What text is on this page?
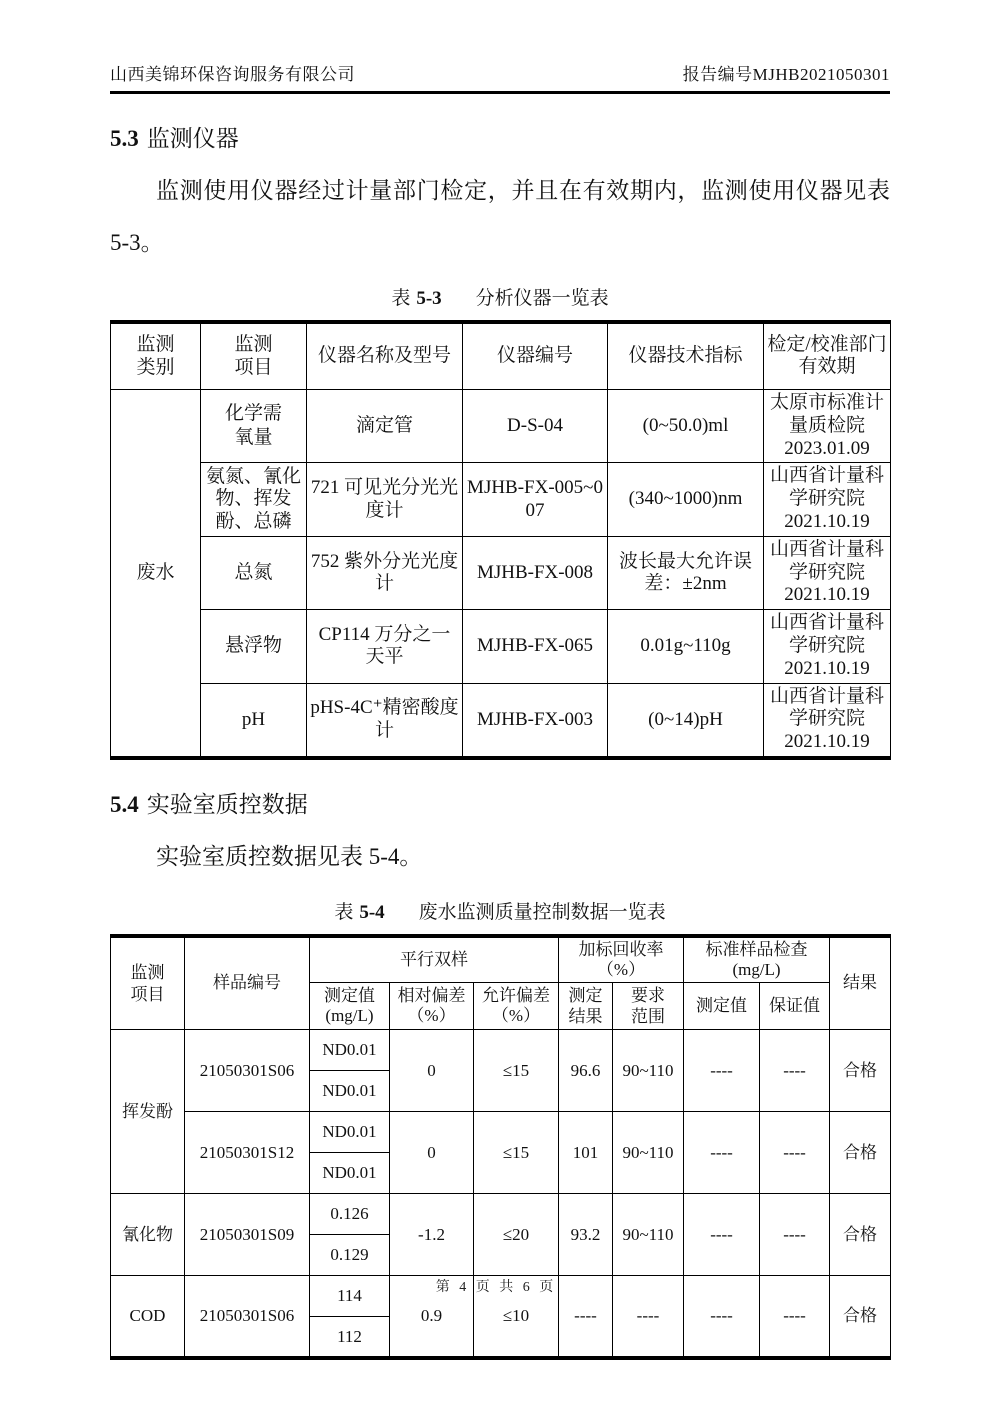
山西美锦环保咨询服务有限公司	报告编号MJHB2021050301
5.3 监测仪器

监测使用仪器经过计量部门检定，并且在有效期内，监测使用仪器见表 5-3。

表 5-3 分析仪器一览表
监测类别	监测项目	仪器名称及型号	仪器编号	仪器技术指标	检定/校准部门有效期
废水	化学需氧量	滴定管	D-S-04	(0~50.0)ml	太原市标准计量质检院
2023.01.09

	氨氮、氰化物、挥发酚、总磷	721 可见光分光光度计	MJHB-FX-005~007	(340~1000)nm	山西省计量科学研究院
2021.10.19

	总氮	752 紫外分光光度计	MJHB-FX-008	波长最大允许误差：±2nm	山西省计量科学研究院
2021.10.19

	悬浮物	CP114 万分之一天平	MJHB-FX-065	0.01g~110g	山西省计量科学研究院
2021.10.19

	pH	pHS-4C⁺精密酸度计	MJHB-FX-003	(0~14)pH	山西省计量科学研究院
2021.10.19
5.4 实验室质控数据

实验室质控数据见表 5-4。

表 5-4 废水监测质量控制数据一览表
监测项目	样品编号	平行双样			加标回收率（%）		标准样品检查(mg/L)		结果
		测定值(mg/L)	相对偏差（%）	允许偏差（%）	测定结果	要求范围	测定值	保证值	
挥发酚	21050301S06	ND0.01	0	≤15	96.6	90~110	----	----	合格
		ND0.01							
	21050301S12	ND0.01	0	≤15	101	90~110	----	----	合格
		ND0.01							
氰化物	21050301S09	0.126	-1.2	≤20	93.2	90~110	----	----	合格
		0.129							
COD	21050301S06	114	0.9	≤10	----	----	----	----	合格
		112							
第 4 页 共 6 页
